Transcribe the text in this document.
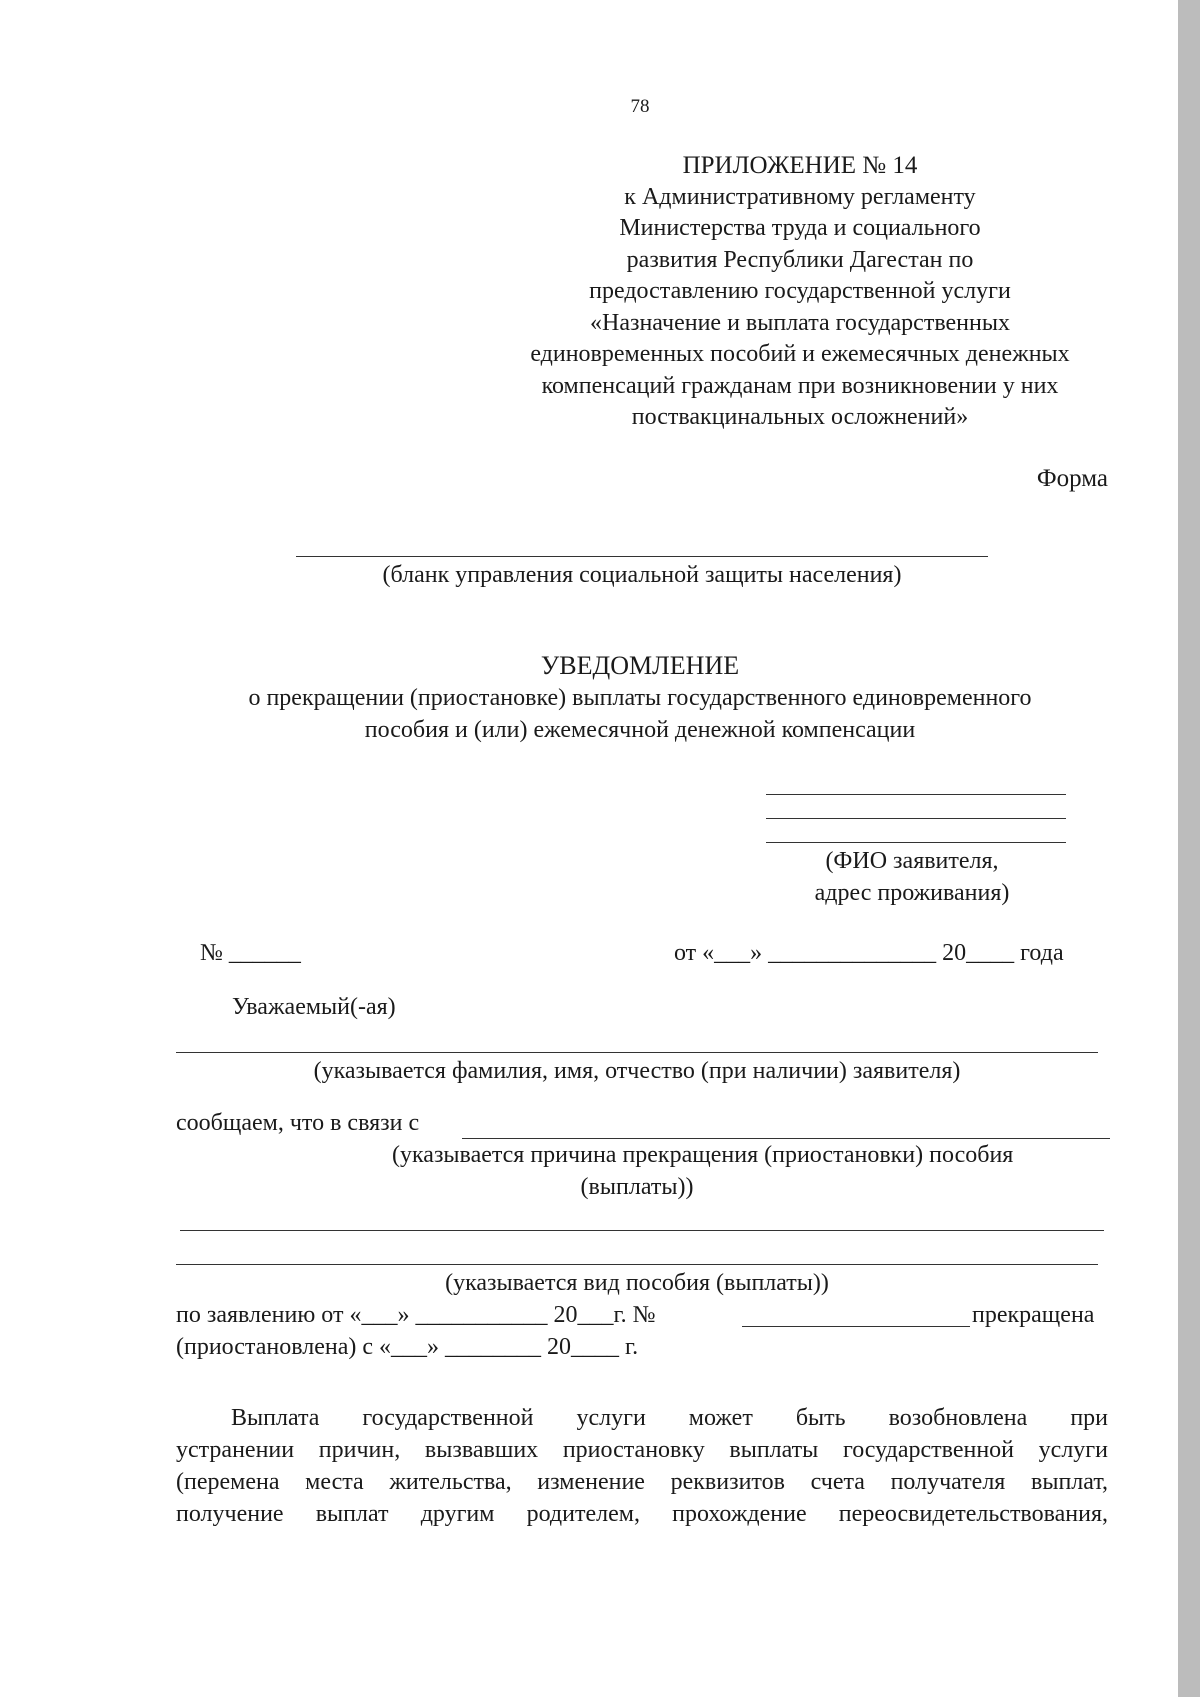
78
ПРИЛОЖЕНИЕ № 14
к Административному регламенту
Министерства труда и социального
развития Республики Дагестан по
предоставлению государственной услуги
«Назначение и выплата государственных
единовременных пособий и ежемесячных денежных
компенсаций гражданам при возникновении у них
поствакцинальных осложнений»
Форма
(бланк управления социальной защиты населения)
УВЕДОМЛЕНИЕ
о прекращении (приостановке) выплаты государственного единовременного
пособия и (или) ежемесячной денежной компенсации
(ФИО заявителя,
адрес проживания)
№ ______	от «___» ______________ 20____ года
Уважаемый(-ая)
(указывается фамилия, имя, отчество (при наличии) заявителя)
сообщаем, что в связи с
(указывается причина прекращения (приостановки) пособия
(выплаты))
(указывается вид пособия (выплаты))
по заявлению от «___» ___________ 20___г. №	прекращена
(приостановлена) с «___» ________ 20____ г.
Выплата государственной услуги может быть возобновлена при
устранении причин, вызвавших приостановку выплаты государственной услуги
(перемена места жительства, изменение реквизитов счета получателя выплат,
получение выплат другим родителем, прохождение переосвидетельствования,
